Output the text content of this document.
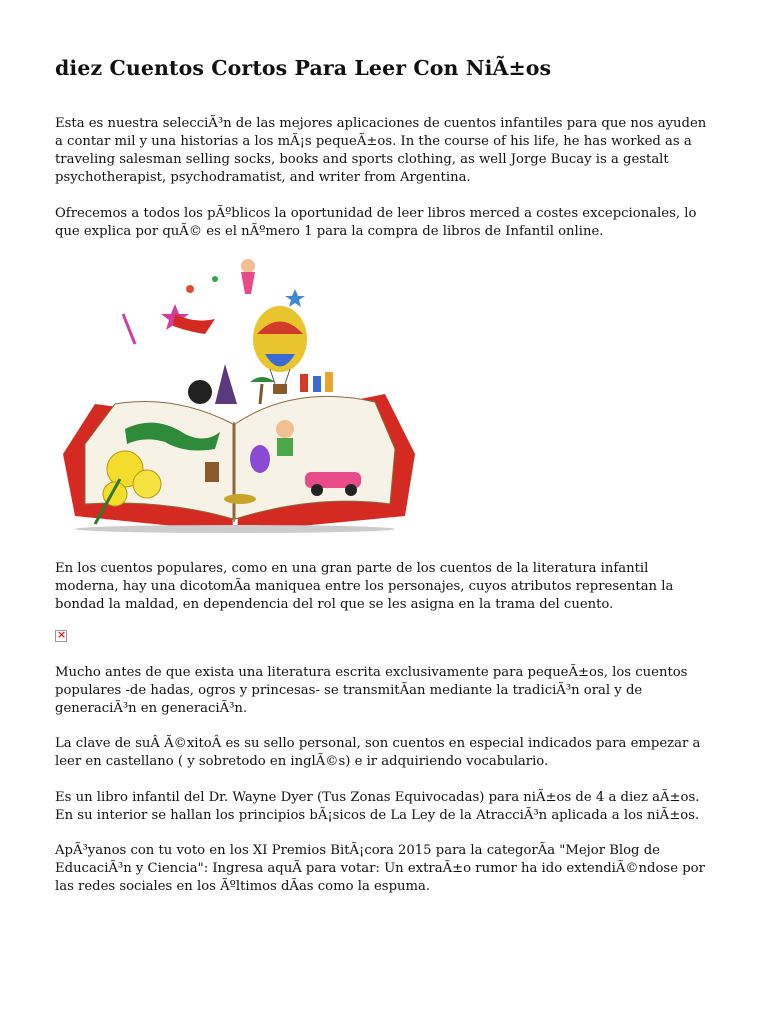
diez Cuentos Cortos Para Leer Con NiÃ±os

Esta es nuestra selecciÃ³n de las mejores aplicaciones de cuentos infantiles para que nos ayuden a contar mil y una historias a los mÃ¡s pequeÃ±os. In the course of his life, he has worked as a traveling salesman selling socks, books and sports clothing, as well Jorge Bucay is a gestalt psychotherapist, psychodramatist, and writer from Argentina.

Ofrecemos a todos los pÃºblicos la oportunidad de leer libros merced a costes excepcionales, lo que explica por quÃ© es el nÃºmero 1 para la compra de libros de Infantil online.

En los cuentos populares, como en una gran parte de los cuentos de la literatura infantil moderna, hay una dicotomÃa maniquea entre los personajes, cuyos atributos representan la bondad la maldad, en dependencia del rol que se les asigna en la trama del cuento.

×

Mucho antes de que exista una literatura escrita exclusivamente para pequeÃ±os, los cuentos populares -de hadas, ogros y princesas- se transmitÃan mediante la tradiciÃ³n oral y de generaciÃ³n en generaciÃ³n.

La clave de suÂ Ã©xitoÂ es su sello personal, son cuentos en especial indicados para empezar a leer en castellano ( y sobretodo en inglÃ©s) e ir adquiriendo vocabulario.

Es un libro infantil del Dr. Wayne Dyer (Tus Zonas Equivocadas) para niÃ±os de 4 a diez aÃ±os. En su interior se hallan los principios bÃ¡sicos de La Ley de la AtracciÃ³n aplicada a los niÃ±os.

ApÃ³yanos con tu voto en los XI Premios BitÃ¡cora 2015 para la categorÃa "Mejor Blog de EducaciÃ³n y Ciencia": Ingresa aquÃ para votar: Un extraÃ±o rumor ha ido extendiÃ©ndose por las redes sociales en los Ãºltimos dÃas como la espuma.
